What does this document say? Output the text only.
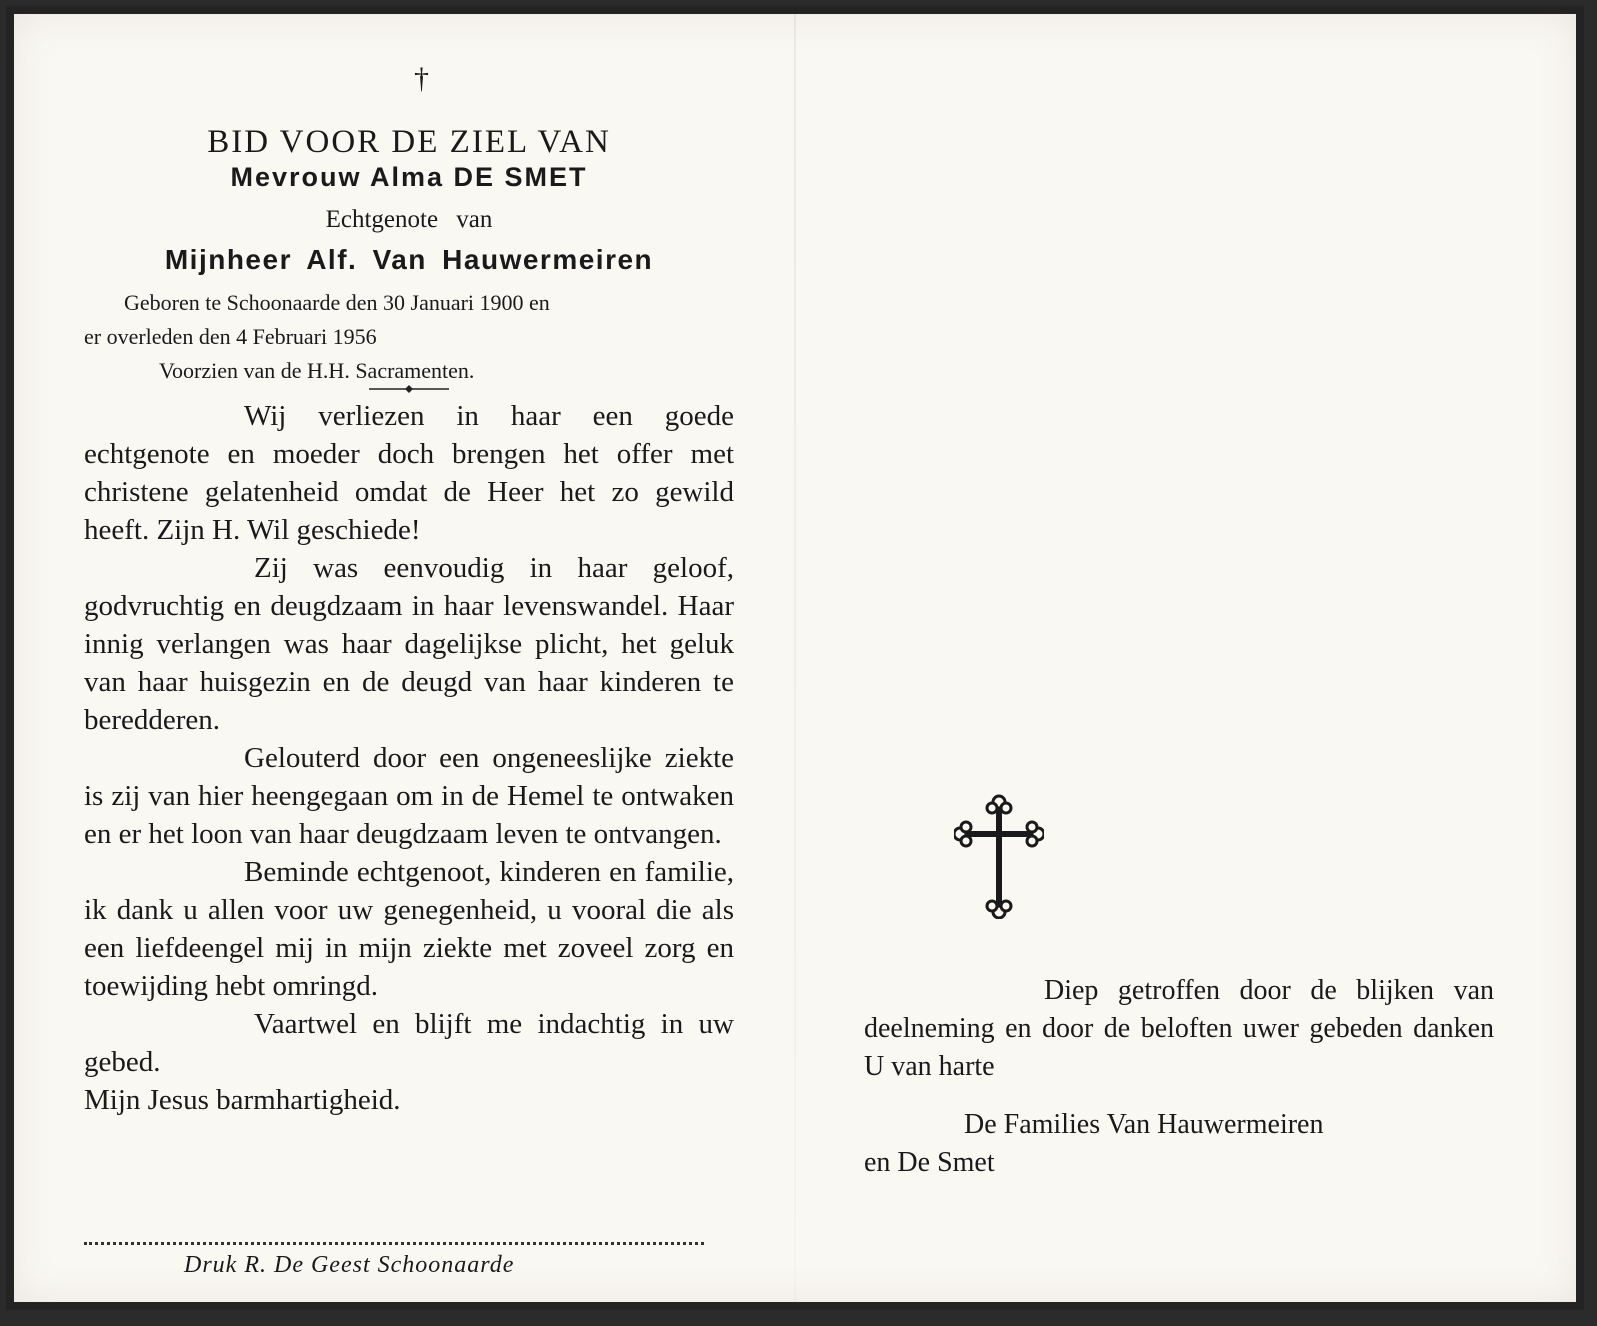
†
BID VOOR DE ZIEL VAN
Mevrouw Alma DE SMET
Echtgenote van
Mijnheer Alf. Van Hauwermeiren
Geboren te Schoonaarde den 30 Januari 1900 en
er overleden den 4 Februari 1956
Voorzien van de H.H. Sacramenten.

Wij verliezen in haar een goede echtgenote en moeder doch brengen het offer met christene gelatenheid omdat de Heer het zo gewild heeft. Zijn H. Wil geschiede!

Zij was eenvoudig in haar geloof, godvruchtig en deugdzaam in haar levenswandel. Haar innig verlangen was haar dagelijkse plicht, het geluk van haar huisgezin en de deugd van haar kinderen te beredderen.

Gelouterd door een ongeneeslijke ziekte is zij van hier heengegaan om in de Hemel te ontwaken en er het loon van haar deugdzaam leven te ontvangen.

Beminde echtgenoot, kinderen en familie, ik dank u allen voor uw genegenheid, u vooral die als een liefdeengel mij in mijn ziekte met zoveel zorg en toewijding hebt omringd.

Vaartwel en blijft me indachtig in uw gebed.

Mijn Jesus barmhartigheid.

Druk R. De Geest Schoonaarde

Diep getroffen door de blijken van deelneming en door de beloften uwer gebeden danken U van harte

De Families Van Hauwermeiren
en De Smet
